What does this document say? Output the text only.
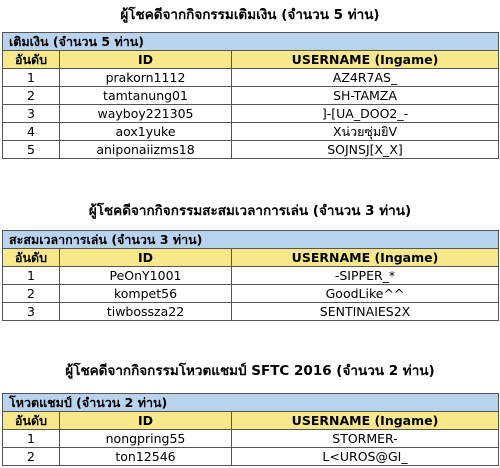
ผู้โชคดีจากกิจกรรมเติมเงิน (จำนวน 5 ท่าน)
เติมเงิน (จำนวน 5 ท่าน)		
อันดับ	ID	USERNAME (Ingame)
1	prakorn1112	AZ4R7AS_
2	tamtanung01	SH-TAMZA
3	wayboy221305	]-[UA_DOO2_-
4	aox1yuke	Xน่วยซุ่มยิV
5	aniponaiizms18	SOJNSJ[X_X]
ผู้โชคดีจากกิจกรรมสะสมเวลาการเล่น (จำนวน 3 ท่าน)
สะสมเวลาการเล่น (จำนวน 3 ท่าน)		
อันดับ	ID	USERNAME (Ingame)
1	PeOnY1001	-SIPPER_*
2	kompet56	GoodLike^^
3	tiwbossza22	SENTINAIES2X
ผู้โชคดีจากกิจกรรมโหวตแชมป์ SFTC 2016 (จำนวน 2 ท่าน)
โหวตแชมป์ (จำนวน 2 ท่าน)		
อันดับ	ID	USERNAME (Ingame)
1	nongpring55	STORMER-
2	ton12546	L<UROS@GI_
